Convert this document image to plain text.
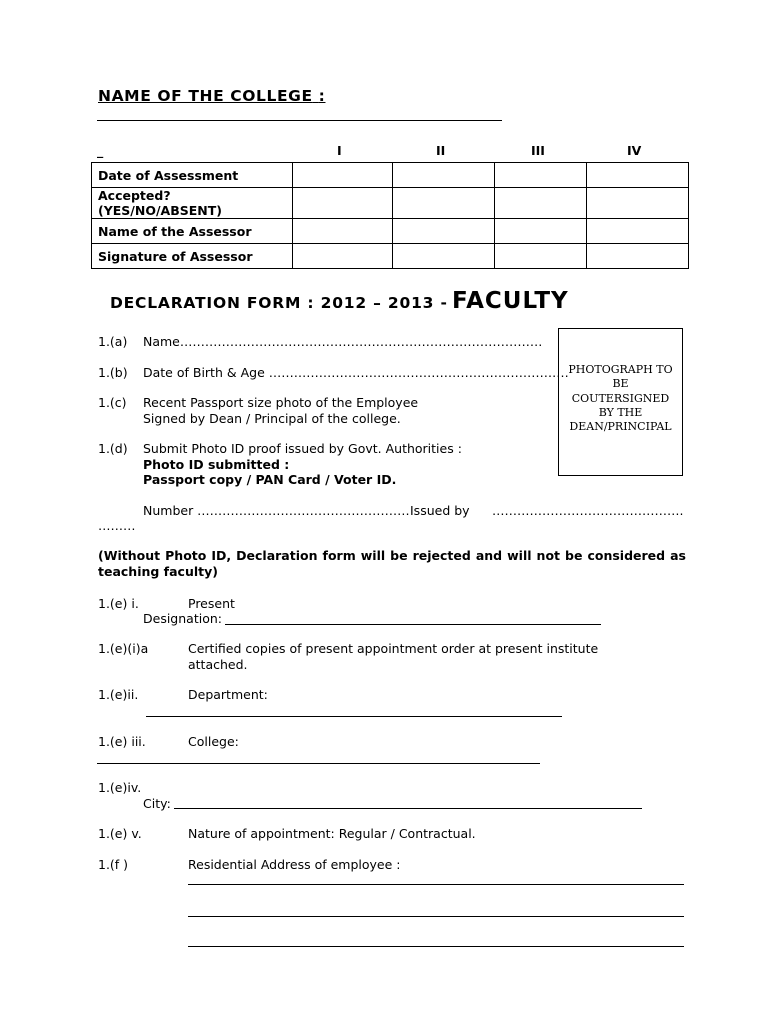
NAME OF THE COLLEGE :
_	I	II	III	IV
Date of Assessment				
Accepted? (YES/NO/ABSENT)				
Name of the Assessor				
Signature of Assessor				
DECLARATION FORM : 2012 – 2013 - FACULTY
PHOTOGRAPH TO BE COUTERSIGNED BY THE DEAN/PRINCIPAL
1.(a) Name……………………………………………………………………………
1.(b) Date of Birth & Age ………………………………………………………………
1.(c) Recent Passport size photo of the Employee
Signed by Dean / Principal of the college.
1.(d) Submit Photo ID proof issued by Govt. Authorities :
Photo ID submitted :
Passport copy / PAN Card / Voter ID.
Number …………………………………………… Issued by ……………………………………….
………
(Without Photo ID, Declaration form will be rejected and will not be considered as teaching faculty)
1.(e) i.	Present
Designation:
1.(e)(i)a	Certified copies of present appointment order at present institute
attached.
1.(e)ii.	Department:
1.(e) iii.	College:
1.(e)iv.
City:
1.(e) v.	Nature of appointment: Regular / Contractual.
1.(f )	Residential Address of employee :
